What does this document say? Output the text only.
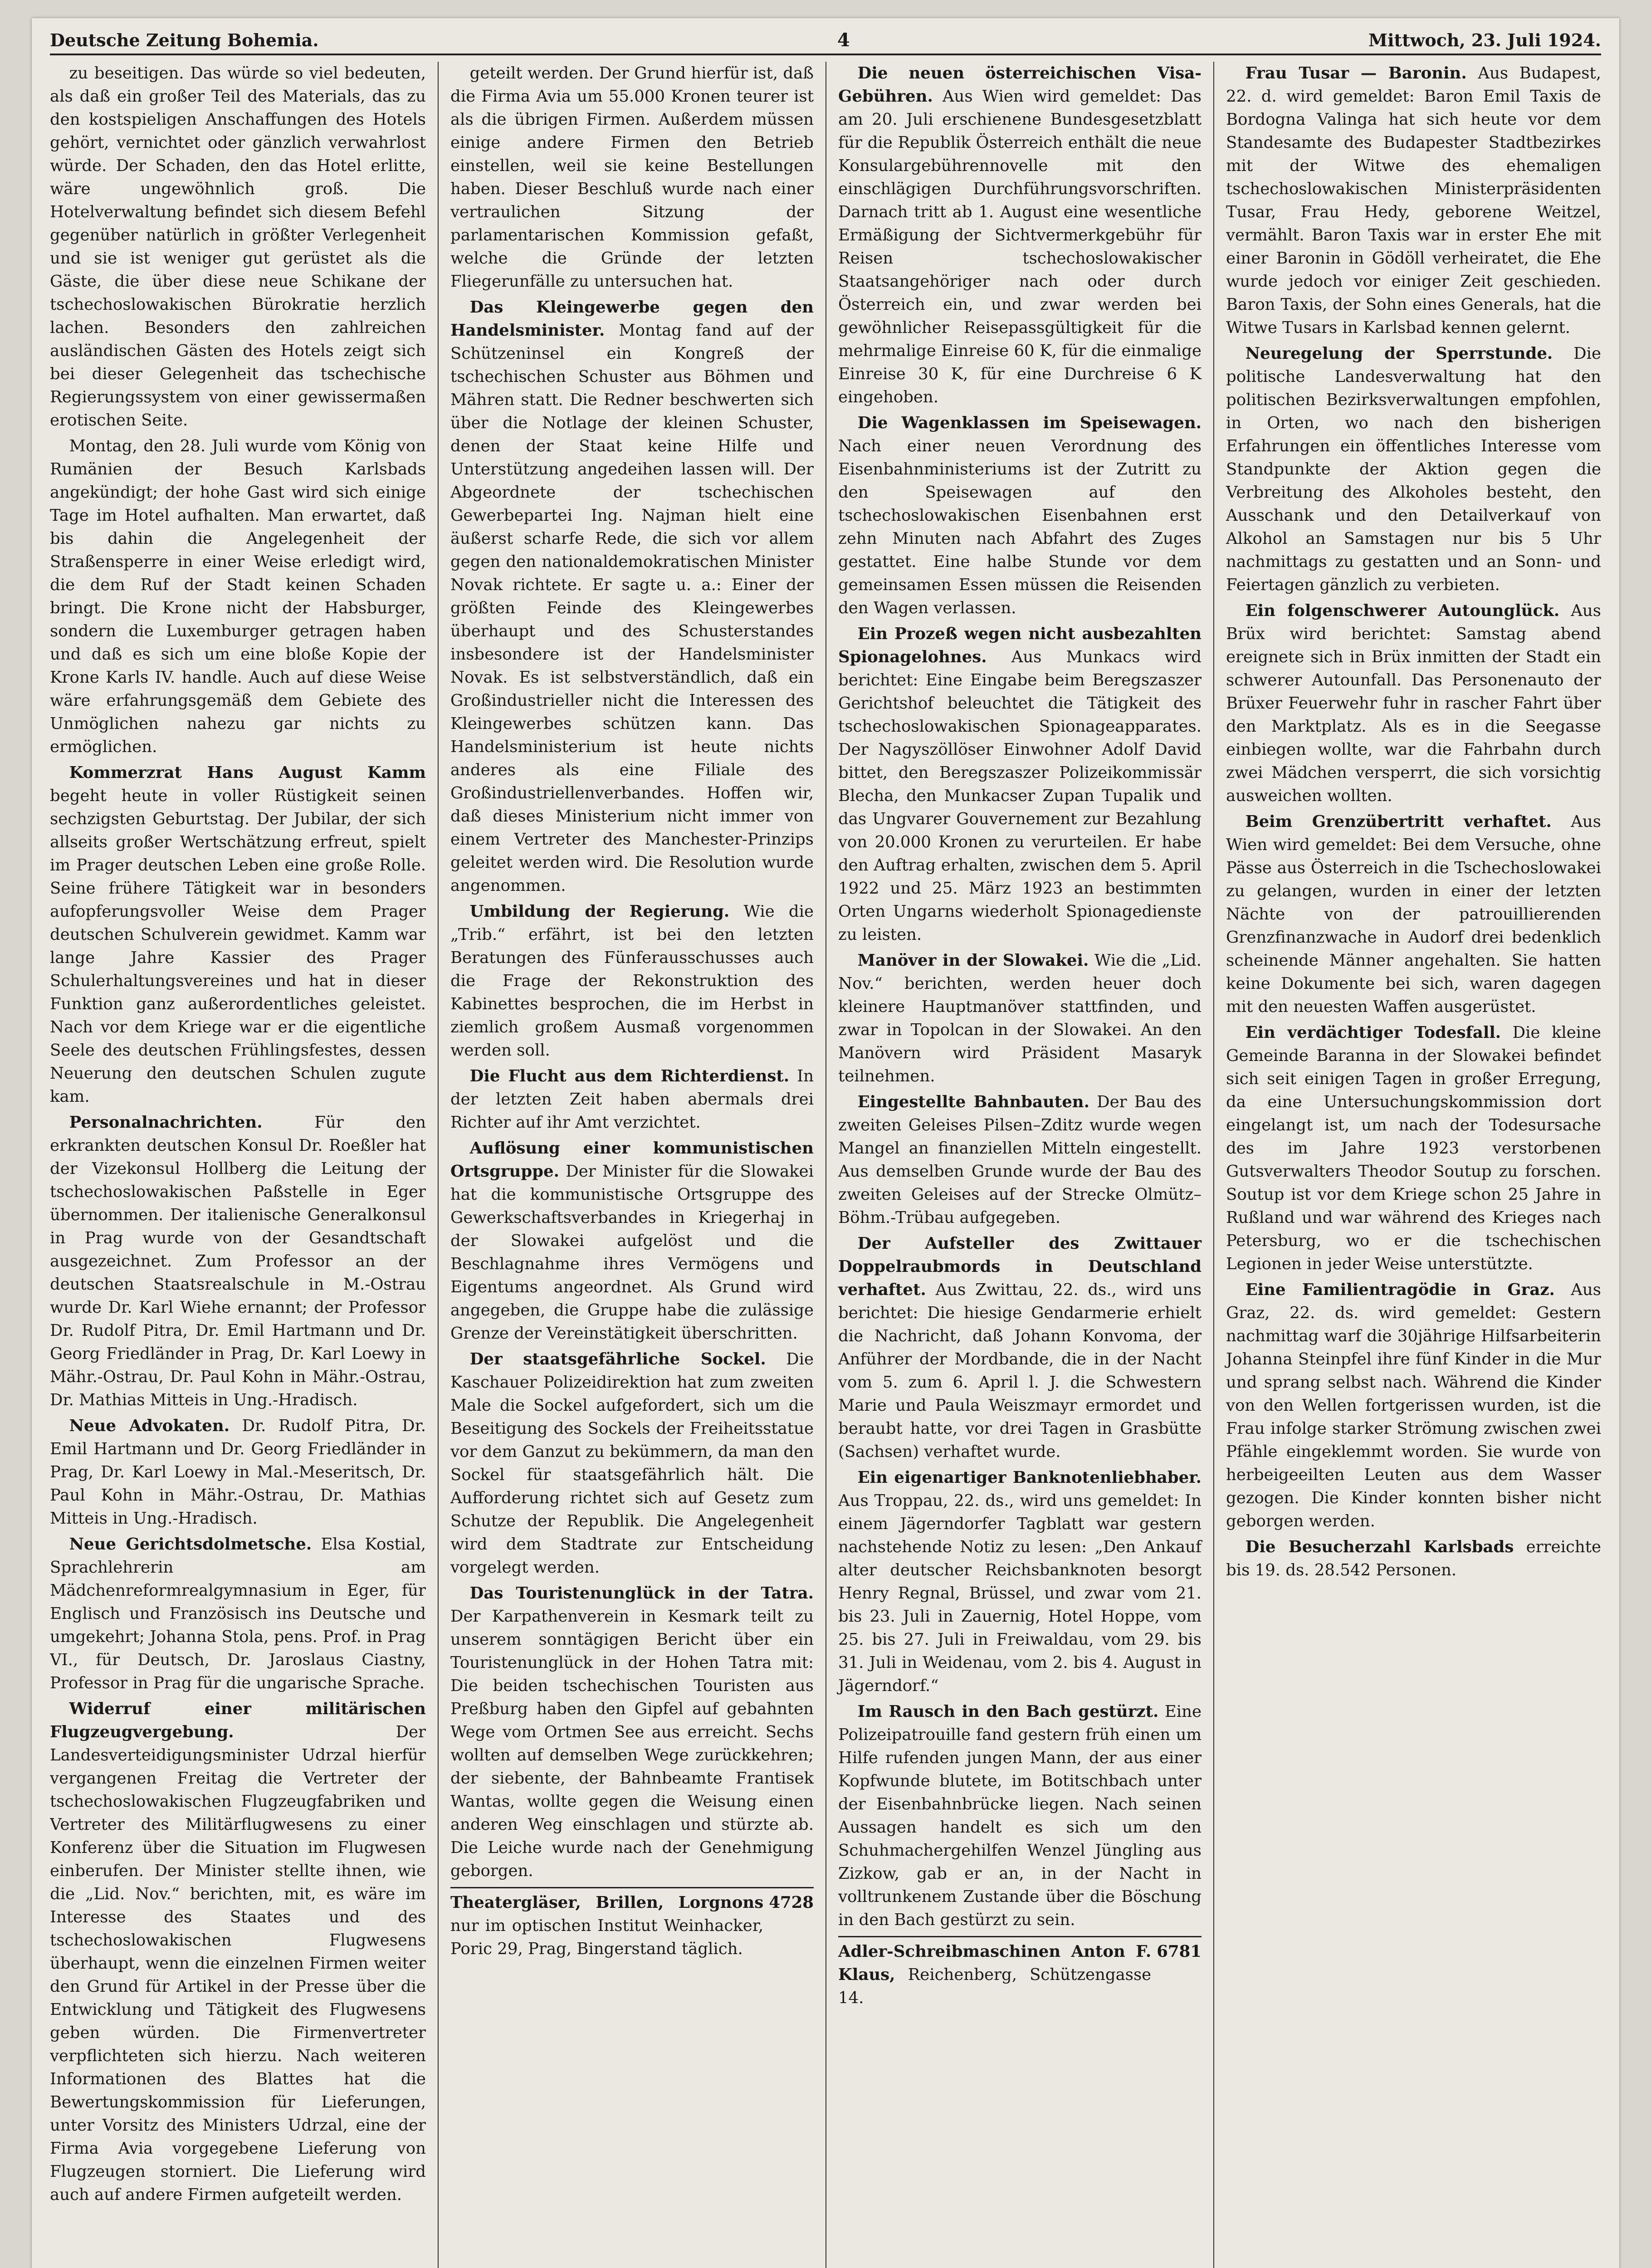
Deutsche Zeitung Bohemia.	4	Mittwoch, 23. Juli 1924.

zu beseitigen. Das würde so viel bedeuten, als daß ein großer Teil des Materials, das zu den kostspieligen Anschaffungen des Hotels gehört, vernichtet oder gänzlich verwahrlost würde. Der Schaden, den das Hotel erlitte, wäre ungewöhnlich groß. Die Hotelverwaltung befindet sich diesem Befehl gegenüber natürlich in größter Verlegenheit und sie ist weniger gut gerüstet als die Gäste, die über diese neue Schikane der tschechoslowakischen Bürokratie herzlich lachen. Besonders den zahlreichen ausländischen Gästen des Hotels zeigt sich bei dieser Gelegenheit das tschechische Regierungssystem von einer gewissermaßen erotischen Seite.

Montag, den 28. Juli wurde vom König von Rumänien der Besuch Karlsbads angekündigt; der hohe Gast wird sich einige Tage im Hotel aufhalten. Man erwartet, daß bis dahin die Angelegenheit der Straßensperre in einer Weise erledigt wird, die dem Ruf der Stadt keinen Schaden bringt. Die Krone nicht der Habsburger, sondern die Luxemburger getragen haben und daß es sich um eine bloße Kopie der Krone Karls IV. handle. Auch auf diese Weise wäre erfahrungsgemäß dem Gebiete des Unmöglichen nahezu gar nichts zu ermöglichen.

Kommerzrat Hans August Kamm begeht heute in voller Rüstigkeit seinen sechzigsten Geburtstag. Der Jubilar, der sich allseits großer Wertschätzung erfreut, spielt im Prager deutschen Leben eine große Rolle. Seine frühere Tätigkeit war in besonders aufopferungsvoller Weise dem Prager deutschen Schulverein gewidmet. Kamm war lange Jahre Kassier des Prager Schulerhaltungsvereines und hat in dieser Funktion ganz außerordentliches geleistet. Nach vor dem Kriege war er die eigentliche Seele des deutschen Frühlingsfestes, dessen Neuerung den deutschen Schulen zugute kam.

Personalnachrichten.	Für den erkrankten deutschen Konsul Dr. Roeßler hat der Vizekonsul Hollberg die Leitung der tschechoslowakischen Paßstelle in Eger übernommen. Der italienische Generalkonsul in Prag wurde von der Gesandtschaft ausgezeichnet. Zum Professor an der deutschen Staatsrealschule in M.-Ostrau wurde Dr. Karl Wiehe ernannt; der Professor Dr. Rudolf Pitra, Dr. Emil Hartmann und Dr. Georg Friedländer in Prag, Dr. Karl Loewy in Mähr.-Ostrau, Dr. Paul Kohn in Mähr.-Ostrau, Dr. Mathias Mitteis in Ung.-Hradisch.

Neue Advokaten. Dr. Rudolf Pitra, Dr. Emil Hartmann und Dr. Georg Friedländer in Prag, Dr. Karl Loewy in Mal.-Meseritsch, Dr. Paul Kohn in Mähr.-Ostrau, Dr. Mathias Mitteis in Ung.-Hradisch.

Neue Gerichtsdolmetsche. Elsa Kostial, Sprachlehrerin am Mädchenreformrealgymnasium in Eger, für Englisch und Französisch ins Deutsche und umgekehrt; Johanna Stola, pens. Prof. in Prag VI., für Deutsch, Dr. Jaroslaus Ciastny, Professor in Prag für die ungarische Sprache.

Widerruf einer militärischen Flugzeugvergebung.	Der Landesverteidigungsminister Udrzal hierfür vergangenen Freitag die Vertreter der tschechoslowakischen Flugzeugfabriken und Vertreter des Militärflugwesens zu einer Konferenz über die Situation im Flugwesen einberufen. Der Minister stellte ihnen, wie die „Lid. Nov.“ berichten, mit, es wäre im Interesse des Staates und des tschechoslowakischen Flugwesens überhaupt, wenn die einzelnen Firmen weiter den Grund für Artikel in der Presse über die Entwicklung und Tätigkeit des Flugwesens geben würden. Die Firmenvertreter verpflichteten sich hierzu. Nach weiteren Informationen des Blattes hat die Bewertungskommission für Lieferungen, unter Vorsitz des Ministers Udrzal, eine der Firma Avia vorgegebene Lieferung von Flugzeugen storniert. Die Lieferung wird auch auf andere Firmen aufgeteilt werden.

geteilt werden. Der Grund hierfür ist, daß die Firma Avia um 55.000 Kronen teurer ist als die übrigen Firmen. Außerdem müssen einige andere Firmen den Betrieb einstellen, weil sie keine Bestellungen haben. Dieser Beschluß wurde nach einer vertraulichen Sitzung der parlamentarischen Kommission gefaßt, welche die Gründe der letzten Fliegerunfälle zu untersuchen hat.

Das Kleingewerbe gegen den Handelsminister. Montag fand auf der Schützeninsel ein Kongreß der tschechischen Schuster aus Böhmen und Mähren statt. Die Redner beschwerten sich über die Notlage der kleinen Schuster, denen der Staat keine Hilfe und Unterstützung angedeihen lassen will. Der Abgeordnete der tschechischen Gewerbepartei Ing. Najman hielt eine äußerst scharfe Rede, die sich vor allem gegen den nationaldemokratischen Minister Novak richtete. Er sagte u. a.: Einer der größten Feinde des Kleingewerbes überhaupt und des Schusterstandes insbesondere ist der Handelsminister Novak. Es ist selbstverständlich, daß ein Großindustrieller nicht die Interessen des Kleingewerbes schützen kann. Das Handelsministerium ist heute nichts anderes als eine Filiale des Großindustriellenverbandes. Hoffen wir, daß dieses Ministerium nicht immer von einem Vertreter des Manchester-Prinzips geleitet werden wird. Die Resolution wurde angenommen.

Umbildung der Regierung. Wie die „Trib.“ erfährt, ist bei den letzten Beratungen des Fünferausschusses auch die Frage der Rekonstruktion des Kabinettes besprochen, die im Herbst in ziemlich großem Ausmaß vorgenommen werden soll.

Die Flucht aus dem Richterdienst. In der letzten Zeit haben abermals drei Richter auf ihr Amt verzichtet.

Auflösung einer kommunistischen Ortsgruppe. Der Minister für die Slowakei hat die kommunistische Ortsgruppe des Gewerkschaftsverbandes in Kriegerhaj in der Slowakei aufgelöst und die Beschlagnahme ihres Vermögens und Eigentums angeordnet. Als Grund wird angegeben, die Gruppe habe die zulässige Grenze der Vereinstätigkeit überschritten.

Der staatsgefährliche Sockel. Die Kaschauer Polizeidirektion hat zum zweiten Male die Sockel aufgefordert, sich um die Beseitigung des Sockels der Freiheitsstatue vor dem Ganzut zu bekümmern, da man den Sockel für staatsgefährlich hält. Die Aufforderung richtet sich auf Gesetz zum Schutze der Republik. Die Angelegenheit wird dem Stadtrate zur Entscheidung vorgelegt werden.

Das Touristenunglück in der Tatra. Der Karpathenverein in Kesmark teilt zu unserem sonntägigen Bericht über ein Touristenunglück in der Hohen Tatra mit: Die beiden tschechischen Touristen aus Preßburg haben den Gipfel auf gebahnten Wege vom Ortmen See aus erreicht. Sechs wollten auf demselben Wege zurückkehren; der siebente, der Bahnbeamte Frantisek Wantas, wollte gegen die Weisung einen anderen Weg einschlagen und stürzte ab. Die Leiche wurde nach der Genehmigung geborgen.

Theatergläser, Brillen, Lorgnons nur im optischen Institut Weinhacker, Poric 29, Prag, Bingerstand täglich.
4728

Die neuen österreichischen Visa-Gebühren. Aus Wien wird gemeldet: Das am 20. Juli erschienene Bundesgesetzblatt für die Republik Österreich enthält die neue Konsulargebührennovelle mit den einschlägigen Durchführungsvorschriften. Darnach tritt ab 1. August eine wesentliche Ermäßigung der Sichtvermerkgebühr für Reisen tschechoslowakischer Staatsangehöriger nach oder durch Österreich ein, und zwar werden bei gewöhnlicher Reisepassgültigkeit für die mehrmalige Einreise 60 K, für die einmalige Einreise 30 K, für eine Durchreise 6 K eingehoben.

Die Wagenklassen im Speisewagen. Nach einer neuen Verordnung des Eisenbahnministeriums ist der Zutritt zu den Speisewagen auf den tschechoslowakischen Eisenbahnen erst zehn Minuten nach Abfahrt des Zuges gestattet. Eine halbe Stunde vor dem gemeinsamen Essen müssen die Reisenden den Wagen verlassen.

Ein Prozeß wegen nicht ausbezahlten Spionagelohnes. Aus Munkacs wird berichtet: Eine Eingabe beim Beregszaszer Gerichtshof beleuchtet die Tätigkeit des tschechoslowakischen Spionageapparates. Der Nagyszöllöser Einwohner Adolf David bittet, den Beregszaszer Polizeikommissär Blecha, den Munkacser Zupan Tupalik und das Ungvarer Gouvernement zur Bezahlung von 20.000 Kronen zu verurteilen. Er habe den Auftrag erhalten, zwischen dem 5. April 1922 und 25. März 1923 an bestimmten Orten Ungarns wiederholt Spionagedienste zu leisten.

Manöver in der Slowakei. Wie die „Lid. Nov.“ berichten, werden heuer doch kleinere Hauptmanöver stattfinden, und zwar in Topolcan in der Slowakei. An den Manövern wird Präsident Masaryk teilnehmen.

Eingestellte Bahnbauten. Der Bau des zweiten Geleises Pilsen–Zditz wurde wegen Mangel an finanziellen Mitteln eingestellt. Aus demselben Grunde wurde der Bau des zweiten Geleises auf der Strecke Olmütz–Böhm.-Trübau aufgegeben.

Der Aufsteller des Zwittauer Doppelraubmords in Deutschland verhaftet. Aus Zwittau, 22. ds., wird uns berichtet: Die hiesige Gendarmerie erhielt die Nachricht, daß Johann Konvoma, der Anführer der Mordbande, die in der Nacht vom 5. zum 6. April l. J. die Schwestern Marie und Paula Weiszmayr ermordet und beraubt hatte, vor drei Tagen in Grasbütte (Sachsen) verhaftet wurde.

Ein eigenartiger Banknotenliebhaber. Aus Troppau, 22. ds., wird uns gemeldet: In einem Jägerndorfer Tagblatt war gestern nachstehende Notiz zu lesen: „Den Ankauf alter deutscher Reichsbanknoten besorgt Henry Regnal, Brüssel, und zwar vom 21. bis 23. Juli in Zauernig, Hotel Hoppe, vom 25. bis 27. Juli in Freiwaldau, vom 29. bis 31. Juli in Weidenau, vom 2. bis 4. August in Jägerndorf.“

Im Rausch in den Bach gestürzt. Eine Polizeipatrouille fand gestern früh einen um Hilfe rufenden jungen Mann, der aus einer Kopfwunde blutete, im Botitschbach unter der Eisenbahnbrücke liegen. Nach seinen Aussagen handelt es sich um den Schuhmachergehilfen Wenzel Jüngling aus Zizkow, gab er an, in der Nacht in volltrunkenem Zustande über die Böschung in den Bach gestürzt zu sein.

Adler-Schreibmaschinen Anton F. Klaus, Reichenberg, Schützengasse 14.
6781

Frau Tusar — Baronin. Aus Budapest, 22. d. wird gemeldet: Baron Emil Taxis de Bordogna Valinga hat sich heute vor dem Standesamte des Budapester Stadtbezirkes mit der Witwe des ehemaligen tschechoslowakischen Ministerpräsidenten Tusar, Frau Hedy, geborene Weitzel, vermählt. Baron Taxis war in erster Ehe mit einer Baronin in Gödöll verheiratet, die Ehe wurde jedoch vor einiger Zeit geschieden. Baron Taxis, der Sohn eines Generals, hat die Witwe Tusars in Karlsbad kennen gelernt.

Neuregelung der Sperrstunde. Die politische Landesverwaltung hat den politischen Bezirksverwaltungen empfohlen, in Orten, wo nach den bisherigen Erfahrungen ein öffentliches Interesse vom Standpunkte der Aktion gegen die Verbreitung des Alkoholes besteht, den Ausschank und den Detailverkauf von Alkohol an Samstagen nur bis 5 Uhr nachmittags zu gestatten und an Sonn- und Feiertagen gänzlich zu verbieten.

Ein folgenschwerer Autounglück. Aus Brüx wird berichtet: Samstag abend ereignete sich in Brüx inmitten der Stadt ein schwerer Autounfall. Das Personenauto der Brüxer Feuerwehr fuhr in rascher Fahrt über den Marktplatz. Als es in die Seegasse einbiegen wollte, war die Fahrbahn durch zwei Mädchen versperrt, die sich vorsichtig ausweichen wollten.

Beim Grenzübertritt verhaftet. Aus Wien wird gemeldet: Bei dem Versuche, ohne Pässe aus Österreich in die Tschechoslowakei zu gelangen, wurden in einer der letzten Nächte von der patrouillierenden Grenzfinanzwache in Audorf drei bedenklich scheinende Männer angehalten. Sie hatten keine Dokumente bei sich, waren dagegen mit den neuesten Waffen ausgerüstet.

Ein verdächtiger Todesfall. Die kleine Gemeinde Baranna in der Slowakei befindet sich seit einigen Tagen in großer Erregung, da eine Untersuchungskommission dort eingelangt ist, um nach der Todesursache des im Jahre 1923 verstorbenen Gutsverwalters Theodor Soutup zu forschen. Soutup ist vor dem Kriege schon 25 Jahre in Rußland und war während des Krieges nach Petersburg, wo er die tschechischen Legionen in jeder Weise unterstützte.

Eine Familientragödie in Graz. Aus Graz, 22. ds. wird gemeldet: Gestern nachmittag warf die 30jährige Hilfsarbeiterin Johanna Steinpfel ihre fünf Kinder in die Mur und sprang selbst nach. Während die Kinder von den Wellen fortgerissen wurden, ist die Frau infolge starker Strömung zwischen zwei Pfähle eingeklemmt worden. Sie wurde von herbeigeeilten Leuten aus dem Wasser gezogen. Die Kinder konnten bisher nicht geborgen werden.

Die Besucherzahl Karlsbads erreichte bis 19. ds. 28.542 Personen.
